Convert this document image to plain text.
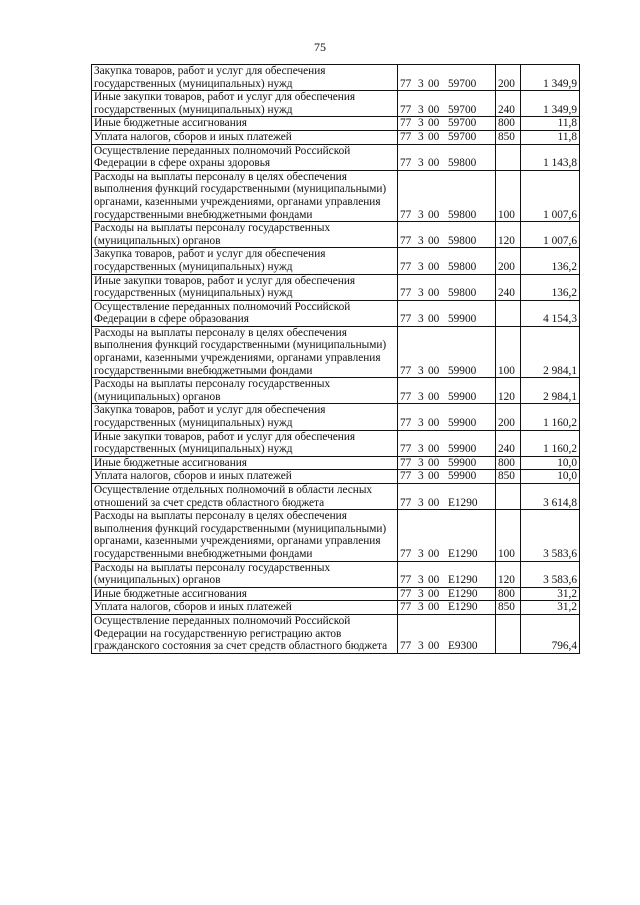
75
Закупка товаров, работ и услуг для обеспечения государственных (муниципальных) нужд	77 3 00 59700	200	1 349,9
Иные закупки товаров, работ и услуг для обеспечения государственных (муниципальных) нужд	77 3 00 59700	240	1 349,9
Иные бюджетные ассигнования	77 3 00 59700	800	11,8
Уплата налогов, сборов и иных платежей	77 3 00 59700	850	11,8
Осуществление переданных полномочий Российской Федерации в сфере охраны здоровья	77 3 00 59800		1 143,8
Расходы на выплаты персоналу в целях обеспечения выполнения функций государственными (муниципальными) органами, казенными учреждениями, органами управления государственными внебюджетными фондами	77 3 00 59800	100	1 007,6
Расходы на выплаты персоналу государственных (муниципальных) органов	77 3 00 59800	120	1 007,6
Закупка товаров, работ и услуг для обеспечения государственных (муниципальных) нужд	77 3 00 59800	200	136,2
Иные закупки товаров, работ и услуг для обеспечения государственных (муниципальных) нужд	77 3 00 59800	240	136,2
Осуществление переданных полномочий Российской Федерации в сфере образования	77 3 00 59900		4 154,3
Расходы на выплаты персоналу в целях обеспечения выполнения функций государственными (муниципальными) органами, казенными учреждениями, органами управления государственными внебюджетными фондами	77 3 00 59900	100	2 984,1
Расходы на выплаты персоналу государственных (муниципальных) органов	77 3 00 59900	120	2 984,1
Закупка товаров, работ и услуг для обеспечения государственных (муниципальных) нужд	77 3 00 59900	200	1 160,2
Иные закупки товаров, работ и услуг для обеспечения государственных (муниципальных) нужд	77 3 00 59900	240	1 160,2
Иные бюджетные ассигнования	77 3 00 59900	800	10,0
Уплата налогов, сборов и иных платежей	77 3 00 59900	850	10,0
Осуществление отдельных полномочий в области лесных отношений за счет средств областного бюджета	77 3 00 E1290		3 614,8
Расходы на выплаты персоналу в целях обеспечения выполнения функций государственными (муниципальными) органами, казенными учреждениями, органами управления государственными внебюджетными фондами	77 3 00 E1290	100	3 583,6
Расходы на выплаты персоналу государственных (муниципальных) органов	77 3 00 E1290	120	3 583,6
Иные бюджетные ассигнования	77 3 00 E1290	800	31,2
Уплата налогов, сборов и иных платежей	77 3 00 E1290	850	31,2
Осуществление переданных полномочий Российской Федерации на государственную регистрацию актов гражданского состояния за счет средств областного бюджета	77 3 00 E9300		796,4
